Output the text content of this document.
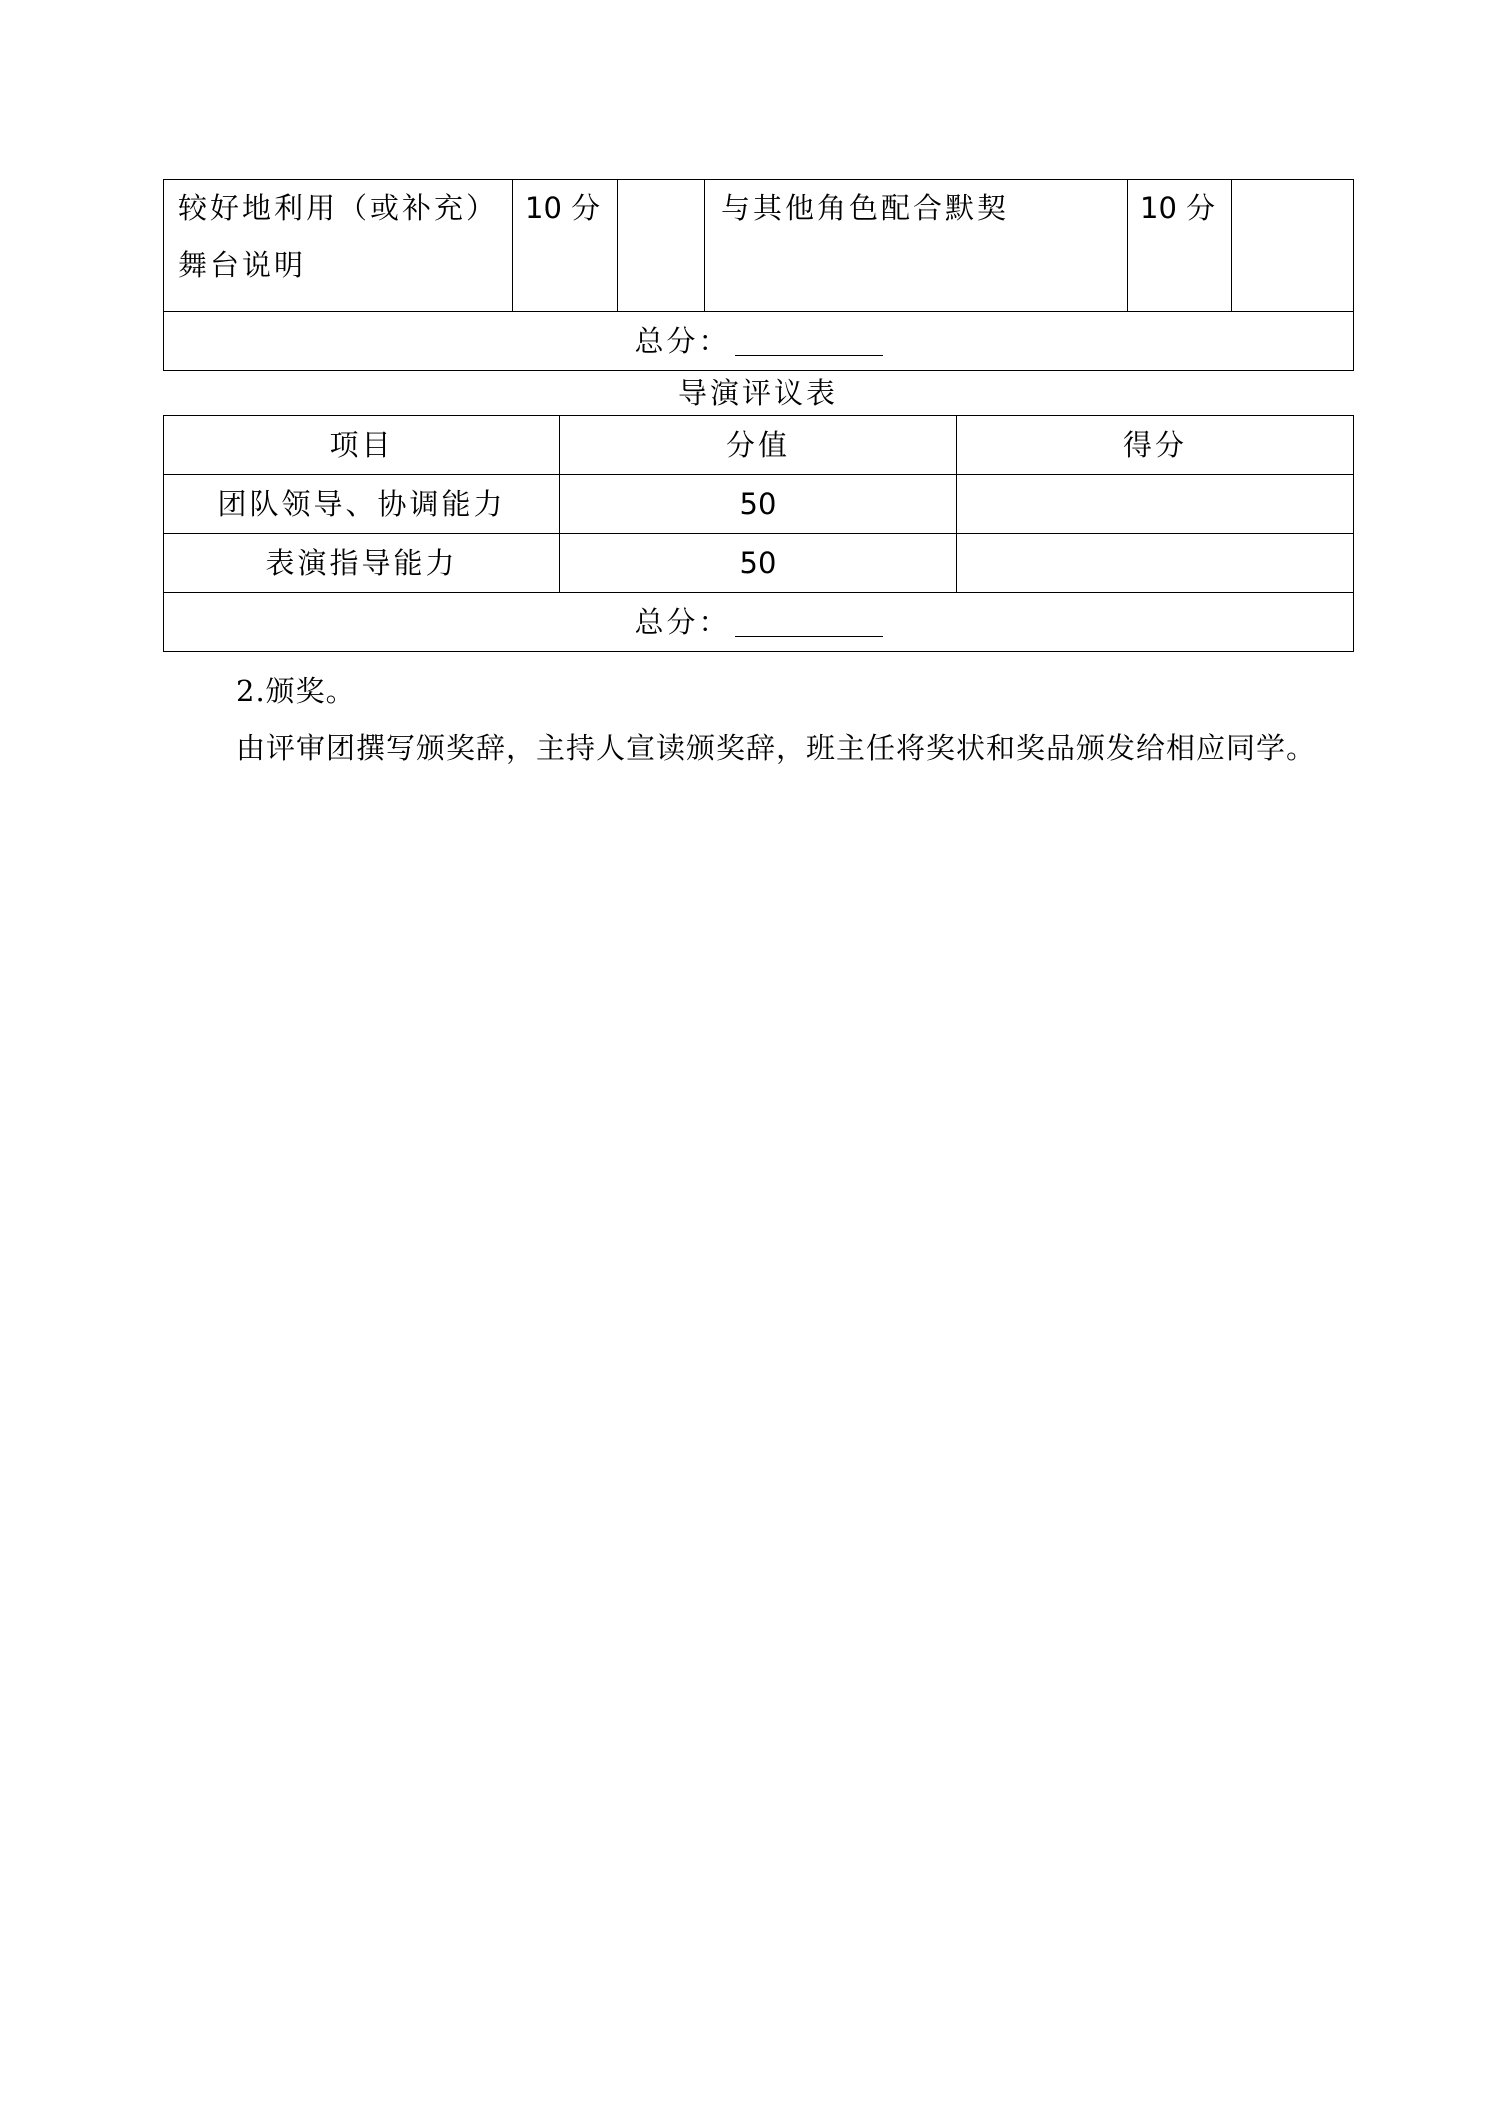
较好地利用（或补充）舞台说明	10 分		与其他角色配合默契	10 分	

总分：
导演评议表
项目	分值	得分
团队领导、协调能力	50	
表演指导能力	50	

总分：		
2.颁奖。
由评审团撰写颁奖辞，主持人宣读颁奖辞，班主任将奖状和奖品颁发给相应同学。
